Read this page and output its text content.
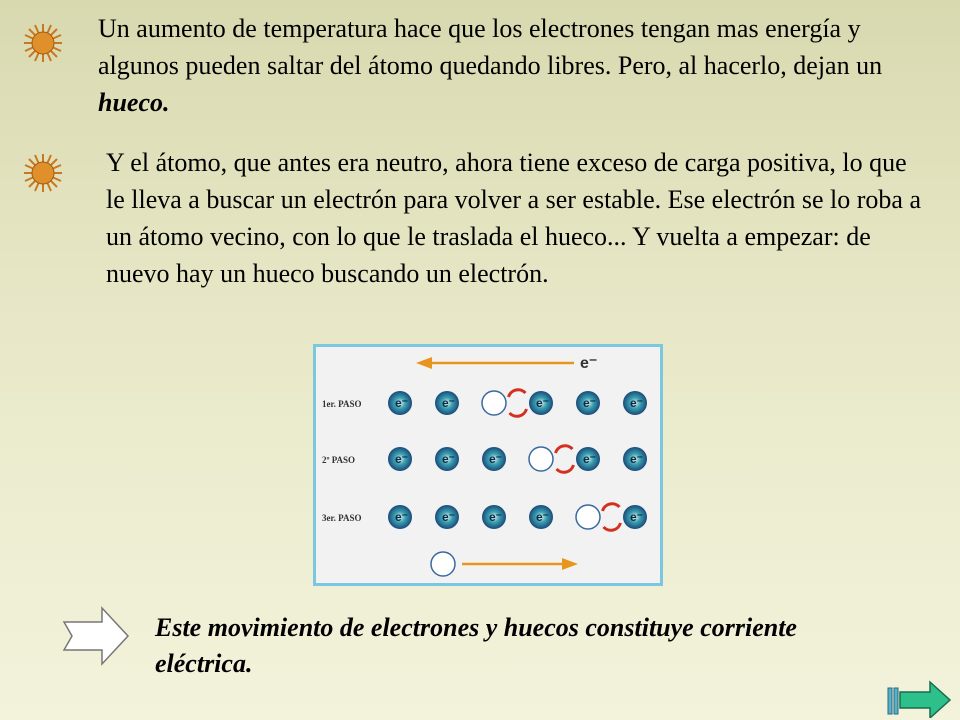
Un aumento de temperatura hace que los electrones tengan mas energía y algunos pueden saltar del átomo quedando libres. Pero, al hacerlo, dejan un hueco.

Y el átomo, que antes era neutro, ahora tiene exceso de carga positiva, lo que le lleva a buscar un electrón para volver a ser estable. Ese electrón se lo roba a un átomo vecino, con lo que le traslada el hueco... Y vuelta a empezar: de nuevo hay un hueco buscando un electrón.

e⁻
1er. PASO	e⁻	e⁻	e⁻	e⁻	e⁻
2º PASO	e⁻	e⁻	e⁻	e⁻	e⁻
3er. PASO	e⁻	e⁻	e⁻	e⁻	e⁻
Este movimiento de electrones y huecos constituye corriente eléctrica.
